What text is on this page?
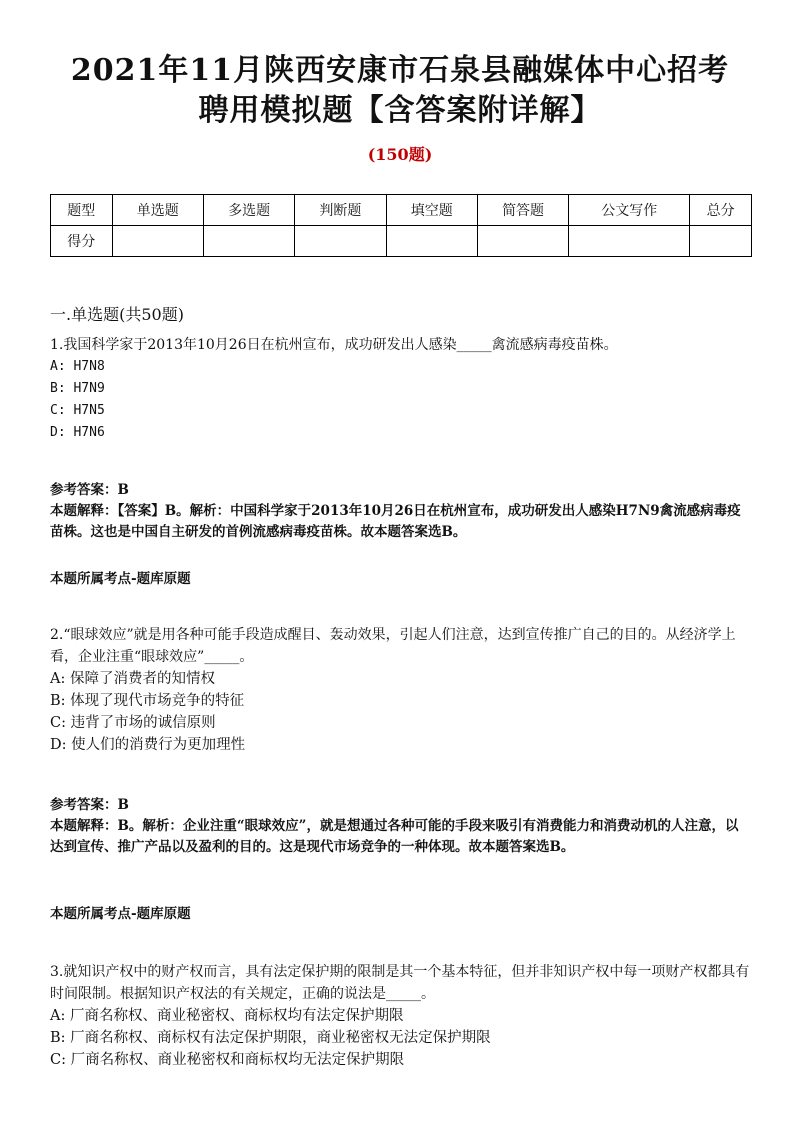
2021年11月陕西安康市石泉县融媒体中心招考
聘用模拟题【含答案附详解】
(150题)
题型	单选题	多选题	判断题	填空题	简答题	公文写作	总分
得分							
一.单选题(共50题)
1.我国科学家于2013年10月26日在杭州宣布，成功研发出人感染_____禽流感病毒疫苗株。
A: H7N8
B: H7N9
C: H7N5
D: H7N6
参考答案：B
本题解释：【答案】B。解析：中国科学家于2013年10月26日在杭州宣布，成功研发出人感染H7N9禽流感病毒疫苗株。这也是中国自主研发的首例流感病毒疫苗株。故本题答案选B。
本题所属考点-题库原题
2.“眼球效应”就是用各种可能手段造成醒目、轰动效果，引起人们注意，达到宣传推广自己的目的。从经济学上看，企业注重“眼球效应”_____。
A: 保障了消费者的知情权
B: 体现了现代市场竞争的特征
C: 违背了市场的诚信原则
D: 使人们的消费行为更加理性
参考答案：B
本题解释：B。解析：企业注重“眼球效应”，就是想通过各种可能的手段来吸引有消费能力和消费动机的人注意，以达到宣传、推广产品以及盈利的目的。这是现代市场竞争的一种体现。故本题答案选B。
本题所属考点-题库原题
3.就知识产权中的财产权而言，具有法定保护期的限制是其一个基本特征，但并非知识产权中每一项财产权都具有时间限制。根据知识产权法的有关规定，正确的说法是_____。
A: 厂商名称权、商业秘密权、商标权均有法定保护期限
B: 厂商名称权、商标权有法定保护期限，商业秘密权无法定保护期限
C: 厂商名称权、商业秘密权和商标权均无法定保护期限
